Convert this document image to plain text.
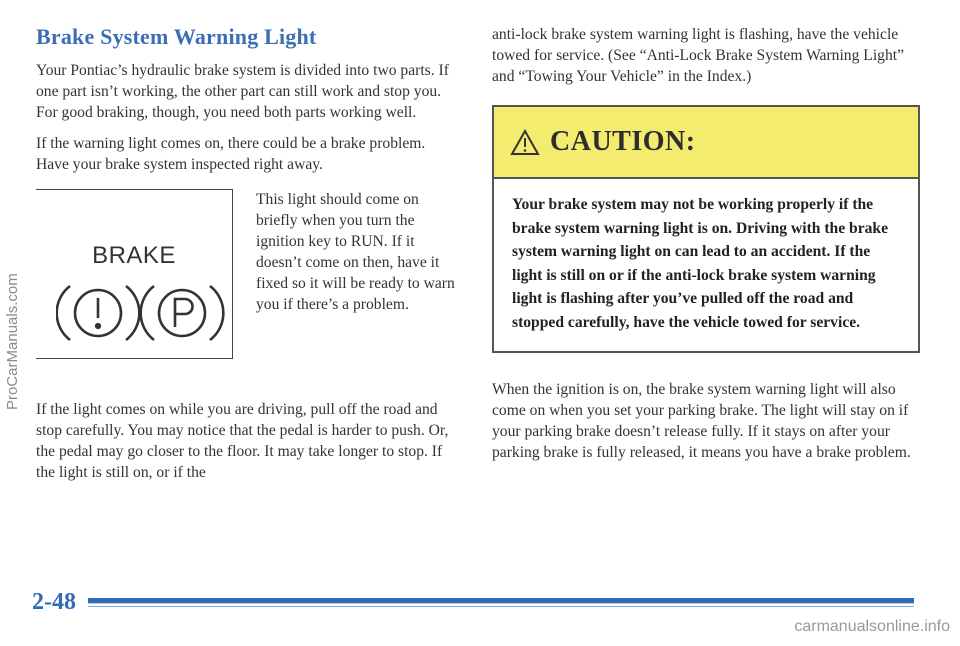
Brake System Warning Light

Your Pontiac’s hydraulic brake system is divided into two parts. If one part isn’t working, the other part can still work and stop you. For good braking, though, you need both parts working well.

If the warning light comes on, there could be a brake problem. Have your brake system inspected right away.

BRAKE

This light should come on briefly when you turn the ignition key to RUN. If it doesn’t come on then, have it fixed so it will be ready to warn you if there’s a problem.

If the light comes on while you are driving, pull off the road and stop carefully. You may notice that the pedal is harder to push. Or, the pedal may go closer to the floor. It may take longer to stop. If the light is still on, or if the

anti-lock brake system warning light is flashing, have the vehicle towed for service. (See “Anti-Lock Brake System Warning Light” and “Towing Your Vehicle” in the Index.)

CAUTION:
Your brake system may not be working properly if the brake system warning light is on. Driving with the brake system warning light on can lead to an accident. If the light is still on or if the anti-lock brake system warning light is flashing after you’ve pulled off the road and stopped carefully, have the vehicle towed for service.

When the ignition is on, the brake system warning light will also come on when you set your parking brake. The light will stay on if your parking brake doesn’t release fully. If it stays on after your parking brake is fully released, it means you have a brake problem.

2-48
ProCarManuals.com
carmanualsonline.info
